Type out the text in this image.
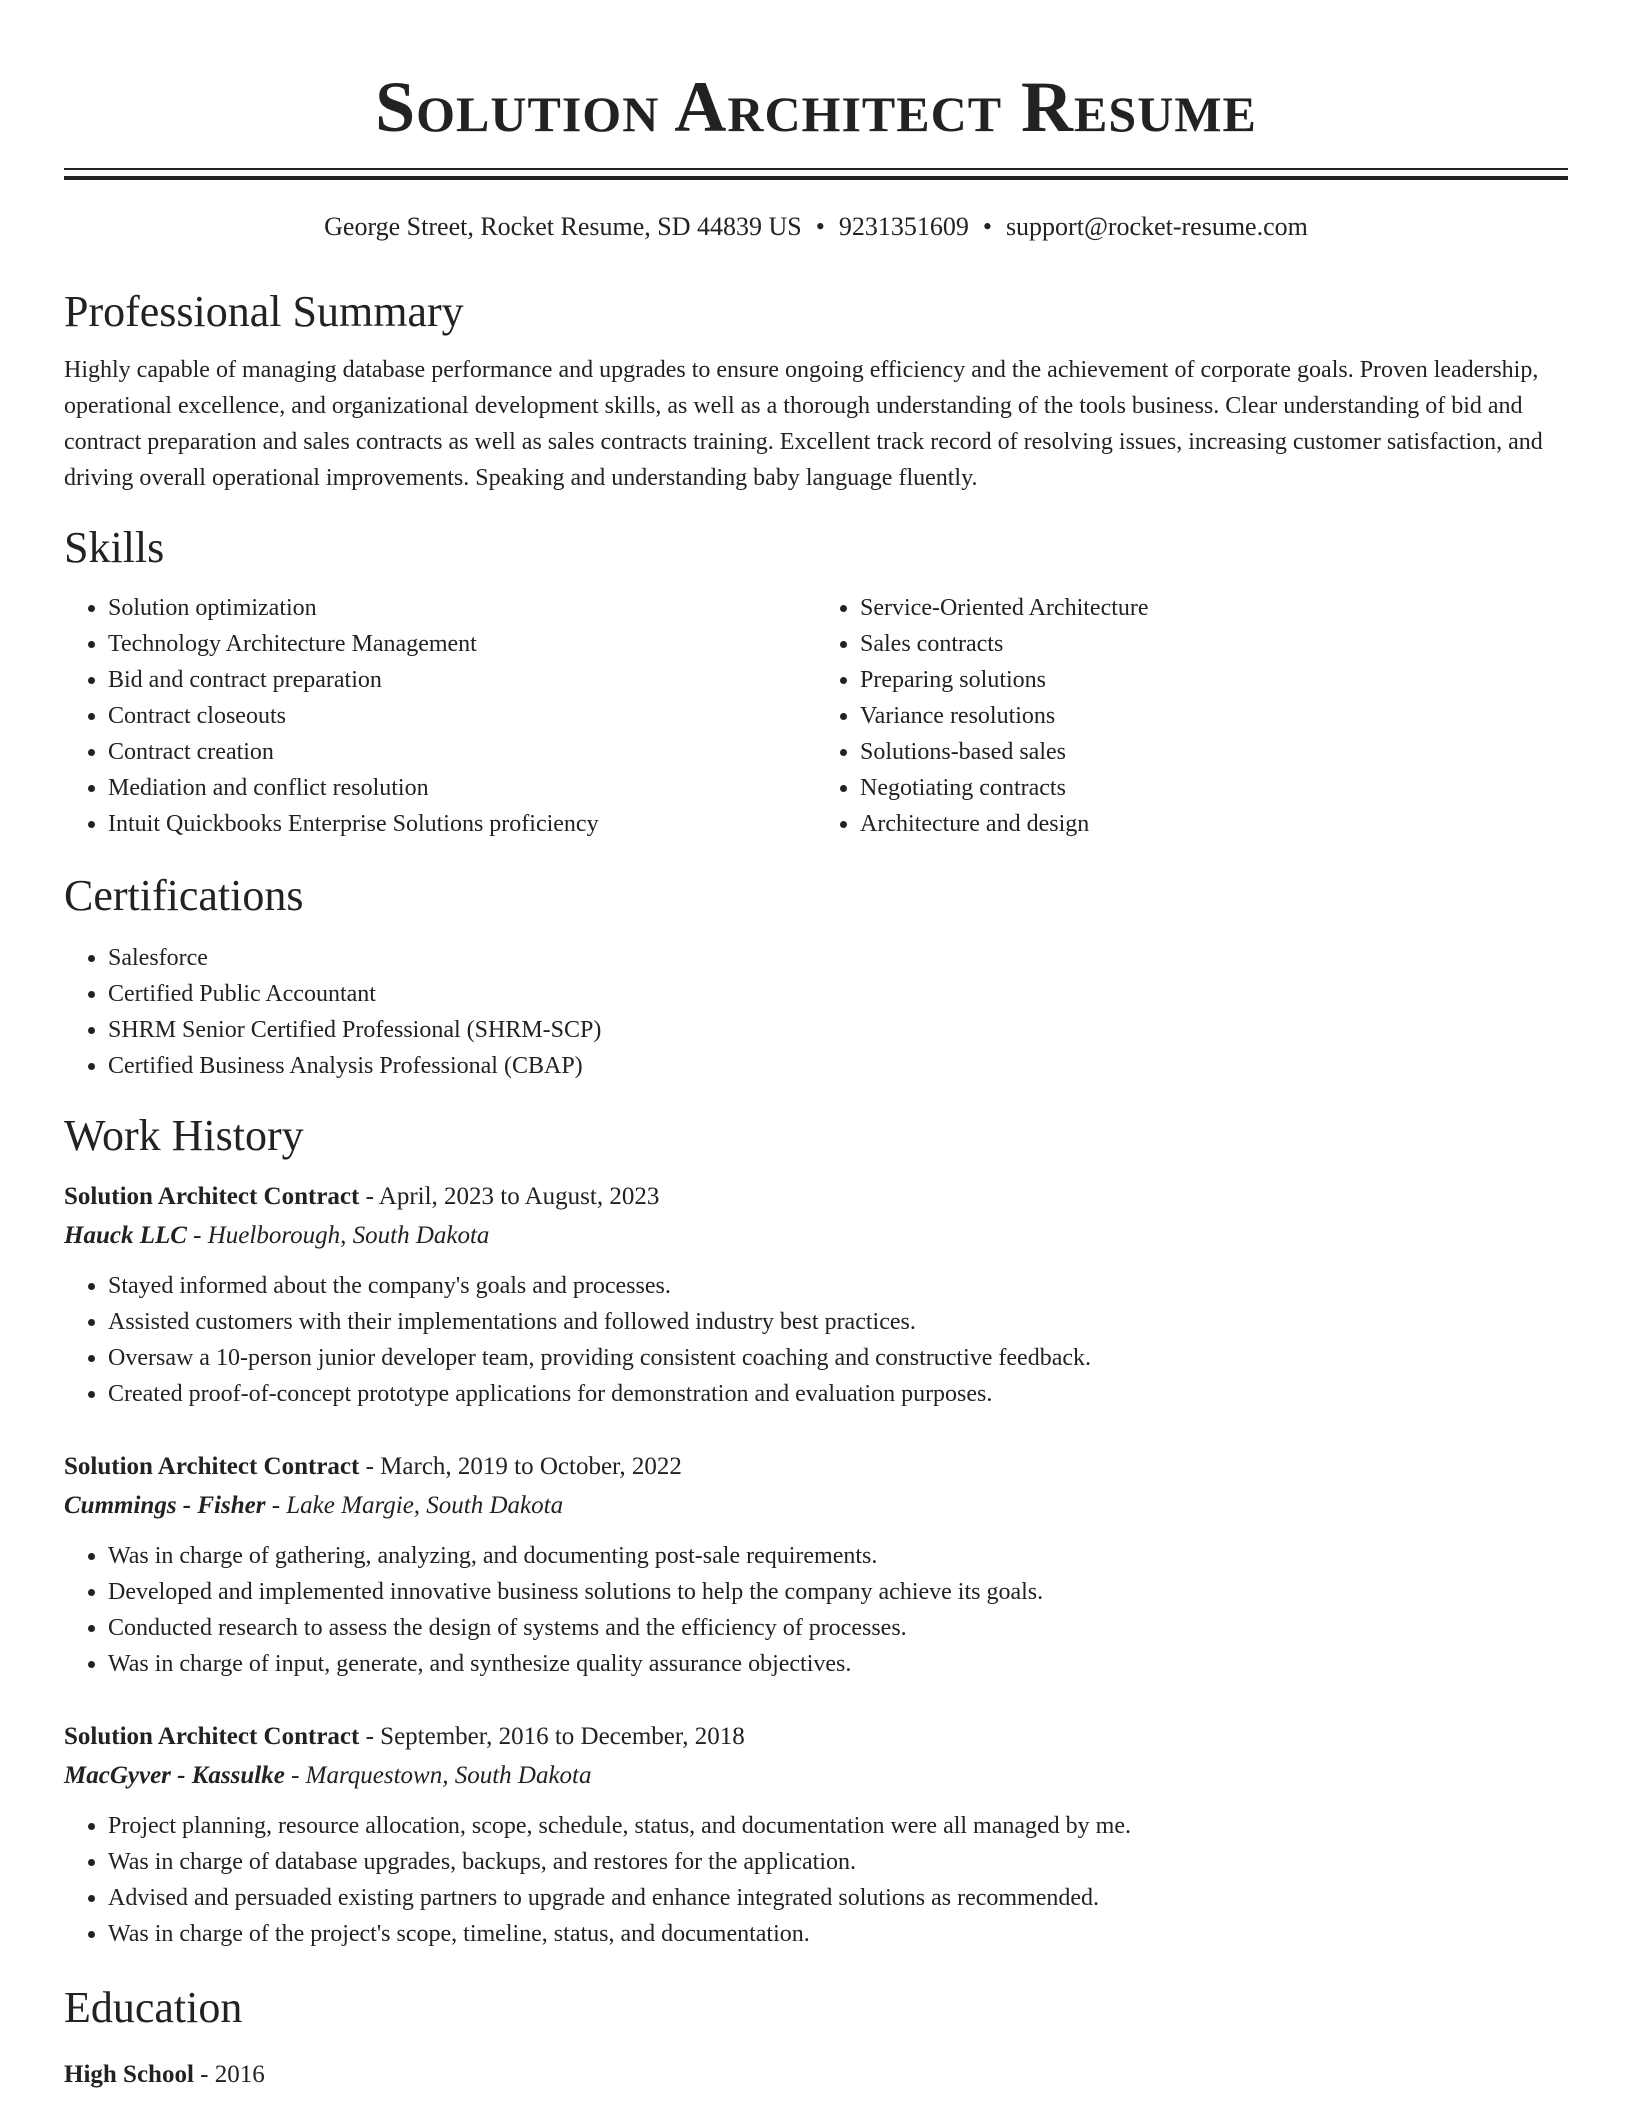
Solution Architect Resume
George Street, Rocket Resume, SD 44839 US • 9231351609 • support@rocket-resume.com
Professional Summary
Highly capable of managing database performance and upgrades to ensure ongoing efficiency and the achievement of corporate goals. Proven leadership, operational excellence, and organizational development skills, as well as a thorough understanding of the tools business. Clear understanding of bid and contract preparation and sales contracts as well as sales contracts training. Excellent track record of resolving issues, increasing customer satisfaction, and driving overall operational improvements. Speaking and understanding baby language fluently.
Skills
• Solution optimization
• Technology Architecture Management
• Bid and contract preparation
• Contract closeouts
• Contract creation
• Mediation and conflict resolution
• Intuit Quickbooks Enterprise Solutions proficiency
• Service-Oriented Architecture
• Sales contracts
• Preparing solutions
• Variance resolutions
• Solutions-based sales
• Negotiating contracts
• Architecture and design
Certifications
• Salesforce
• Certified Public Accountant
• SHRM Senior Certified Professional (SHRM-SCP)
• Certified Business Analysis Professional (CBAP)
Work History
Solution Architect Contract - April, 2023 to August, 2023
Hauck LLC - Huelborough, South Dakota
• Stayed informed about the company's goals and processes.
• Assisted customers with their implementations and followed industry best practices.
• Oversaw a 10-person junior developer team, providing consistent coaching and constructive feedback.
• Created proof-of-concept prototype applications for demonstration and evaluation purposes.
Solution Architect Contract - March, 2019 to October, 2022
Cummings - Fisher - Lake Margie, South Dakota
• Was in charge of gathering, analyzing, and documenting post-sale requirements.
• Developed and implemented innovative business solutions to help the company achieve its goals.
• Conducted research to assess the design of systems and the efficiency of processes.
• Was in charge of input, generate, and synthesize quality assurance objectives.
Solution Architect Contract - September, 2016 to December, 2018
MacGyver - Kassulke - Marquestown, South Dakota
• Project planning, resource allocation, scope, schedule, status, and documentation were all managed by me.
• Was in charge of database upgrades, backups, and restores for the application.
• Advised and persuaded existing partners to upgrade and enhance integrated solutions as recommended.
• Was in charge of the project's scope, timeline, status, and documentation.
Education
High School - 2016
